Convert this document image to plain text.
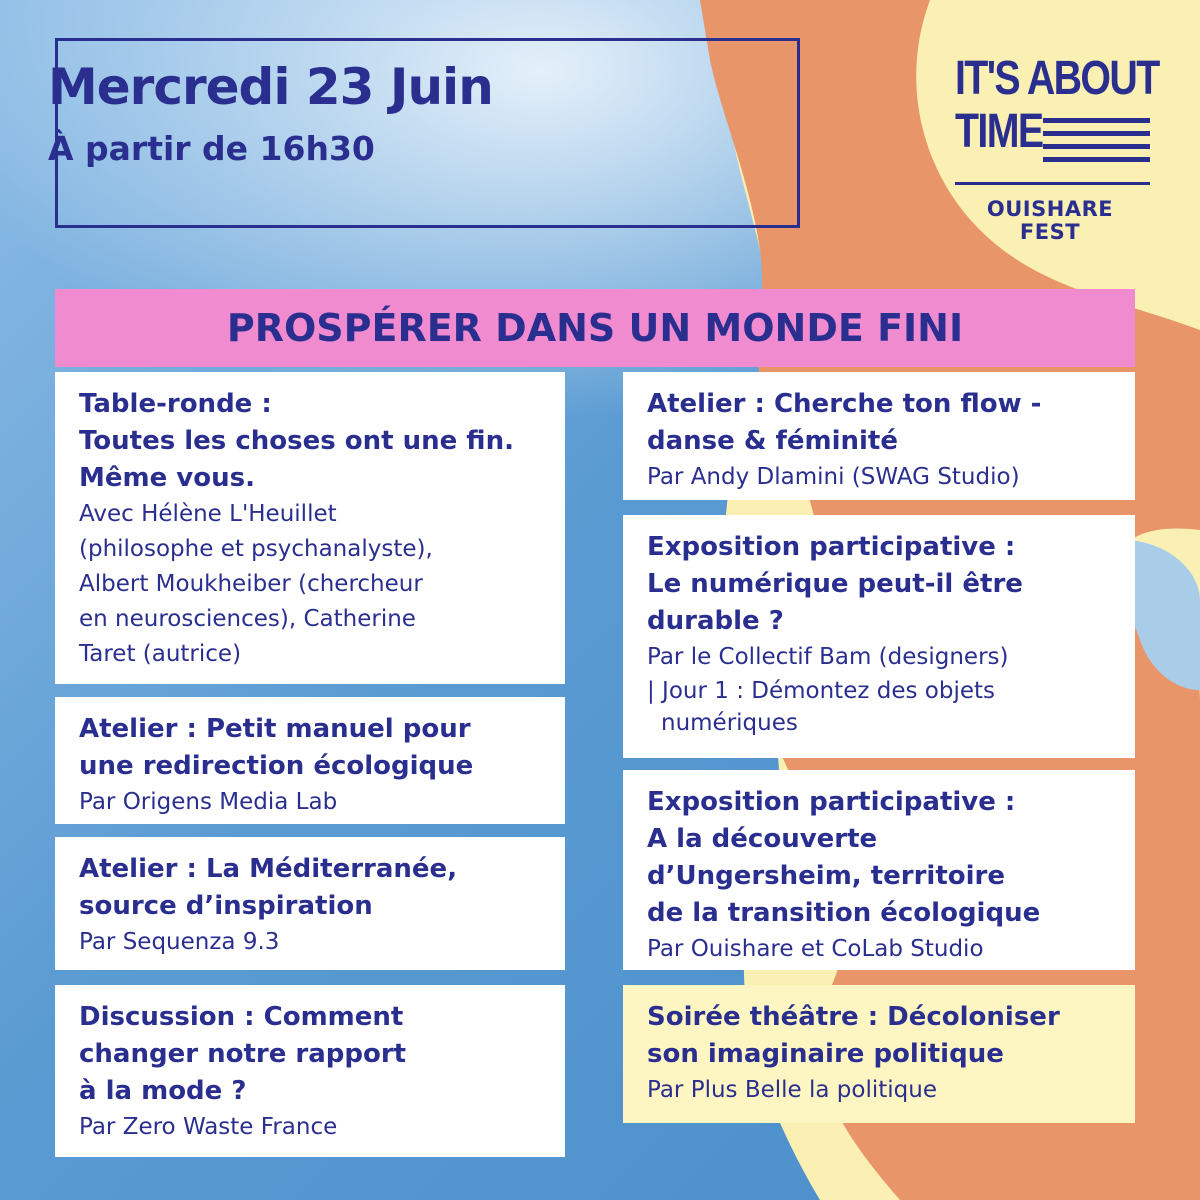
Mercredi 23 Juin
À partir de 16h30
IT'S ABOUT
TIME
OUISHARE
FEST
PROSPÉRER DANS UN MONDE FINI
Table-ronde :
Toutes les choses ont une fin.
Même vous.
Avec Hélène L'Heuillet
(philosophe et psychanalyste),
Albert Moukheiber (chercheur
en neurosciences), Catherine
Taret (autrice)
Atelier : Petit manuel pour
une redirection écologique
Par Origens Media Lab
Atelier : La Méditerranée,
source d’inspiration
Par Sequenza 9.3
Discussion : Comment
changer notre rapport
à la mode ?
Par Zero Waste France
Atelier : Cherche ton flow -
danse & féminité
Par Andy Dlamini (SWAG Studio)
Exposition participative :
Le numérique peut-il être
durable ?
Par le Collectif Bam (designers)
| Jour 1 : Démontez des objets numériques
Exposition participative :
A la découverte
d’Ungersheim, territoire
de la transition écologique
Par Ouishare et CoLab Studio
Soirée théâtre : Décoloniser
son imaginaire politique
Par Plus Belle la politique
